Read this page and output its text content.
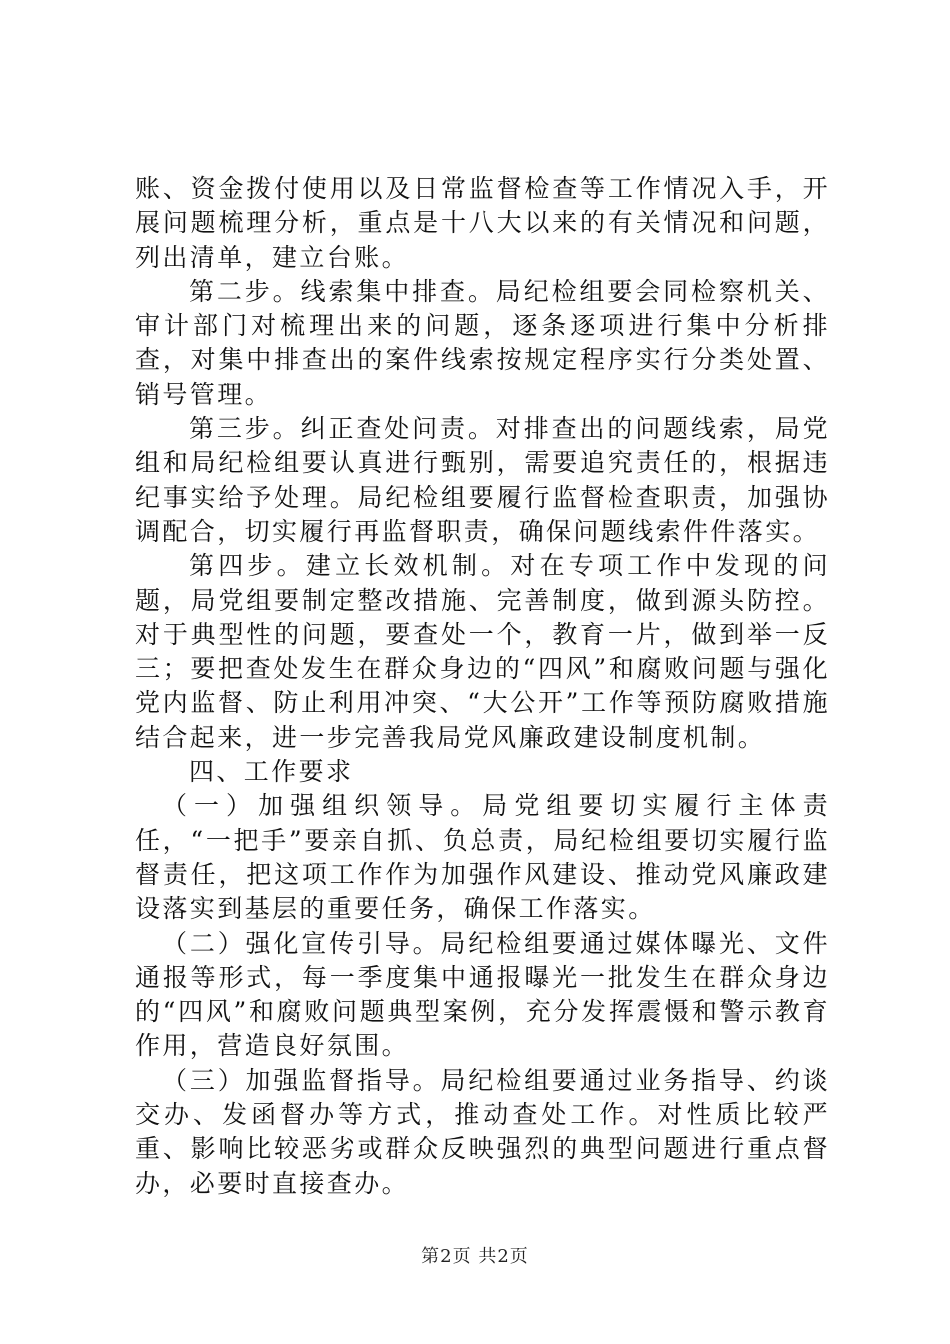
账、资金拨付使用以及日常监督检查等工作情况入手，开展问题梳理分析，重点是十八大以来的有关情况和问题，列出清单，建立台账。

第二步。线索集中排查。局纪检组要会同检察机关、审计部门对梳理出来的问题，逐条逐项进行集中分析排查，对集中排查出的案件线索按规定程序实行分类处置、销号管理。

第三步。纠正查处问责。对排查出的问题线索，局党组和局纪检组要认真进行甄别，需要追究责任的，根据违纪事实给予处理。局纪检组要履行监督检查职责，加强协调配合，切实履行再监督职责，确保问题线索件件落实。

第四步。建立长效机制。对在专项工作中发现的问题，局党组要制定整改措施、完善制度，做到源头防控。对于典型性的问题，要查处一个，教育一片，做到举一反三；要把查处发生在群众身边的“四风”和腐败问题与强化党内监督、防止利用冲突、“大公开”工作等预防腐败措施结合起来，进一步完善我局党风廉政建设制度机制。

四、工作要求

（一）加强组织领导。局党组要切实履行主体责任，“一把手”要亲自抓、负总责，局纪检组要切实履行监督责任，把这项工作作为加强作风建设、推动党风廉政建设落实到基层的重要任务，确保工作落实。

（二）强化宣传引导。局纪检组要通过媒体曝光、文件通报等形式，每一季度集中通报曝光一批发生在群众身边的“四风”和腐败问题典型案例，充分发挥震慑和警示教育作用，营造良好氛围。

（三）加强监督指导。局纪检组要通过业务指导、约谈交办、发函督办等方式，推动查处工作。对性质比较严重、影响比较恶劣或群众反映强烈的典型问题进行重点督办，必要时直接查办。

第2页 共2页
